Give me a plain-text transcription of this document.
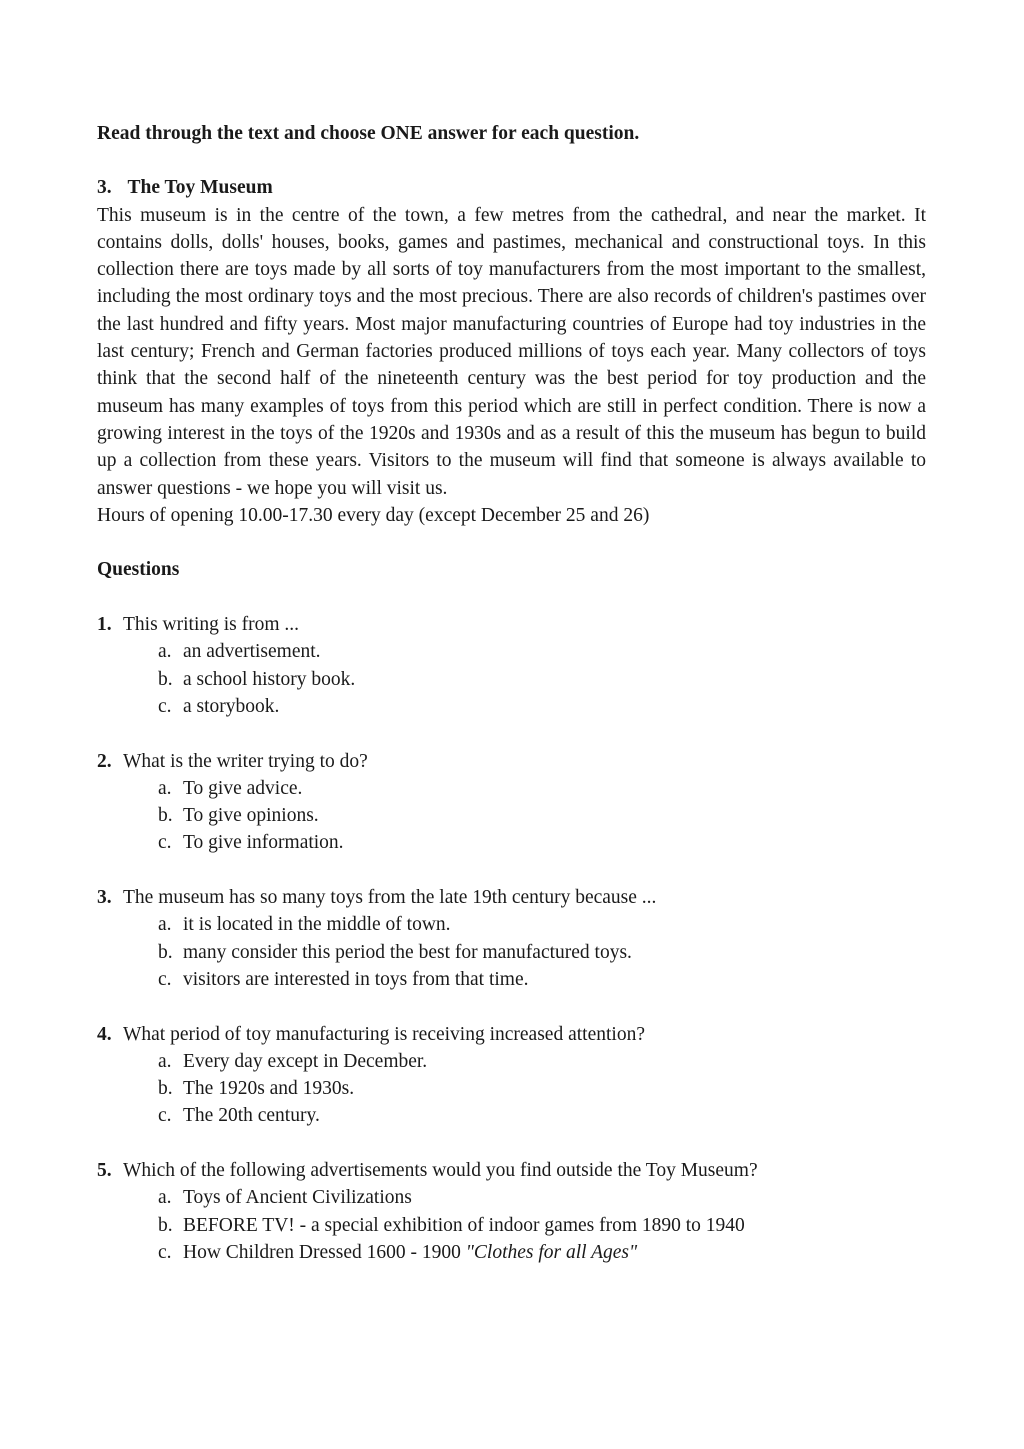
Read through the text and choose ONE answer for each question.

3. The Toy Museum

This museum is in the centre of the town, a few metres from the cathedral, and near the market. It contains dolls, dolls' houses, books, games and pastimes, mechanical and constructional toys. In this collection there are toys made by all sorts of toy manufacturers from the most important to the smallest, including the most ordinary toys and the most precious. There are also records of children's pastimes over the last hundred and fifty years. Most major manufacturing countries of Europe had toy industries in the last century; French and German factories produced millions of toys each year. Many collectors of toys think that the second half of the nineteenth century was the best period for toy production and the museum has many examples of toys from this period which are still in perfect condition. There is now a growing interest in the toys of the 1920s and 1930s and as a result of this the museum has begun to build up a collection from these years. Visitors to the museum will find that someone is always available to answer questions - we hope you will visit us.

Hours of opening 10.00-17.30 every day (except December 25 and 26)

Questions

1. This writing is from ...

a. an advertisement.
b. a school history book.
c. a storybook.

2. What is the writer trying to do?

a. To give advice.
b. To give opinions.
c. To give information.

3. The museum has so many toys from the late 19th century because ...

a. it is located in the middle of town.
b. many consider this period the best for manufactured toys.
c. visitors are interested in toys from that time.

4. What period of toy manufacturing is receiving increased attention?

a. Every day except in December.
b. The 1920s and 1930s.
c. The 20th century.

5. Which of the following advertisements would you find outside the Toy Museum?

a. Toys of Ancient Civilizations
b. BEFORE TV! - a special exhibition of indoor games from 1890 to 1940
c. How Children Dressed 1600 - 1900 "Clothes for all Ages"
